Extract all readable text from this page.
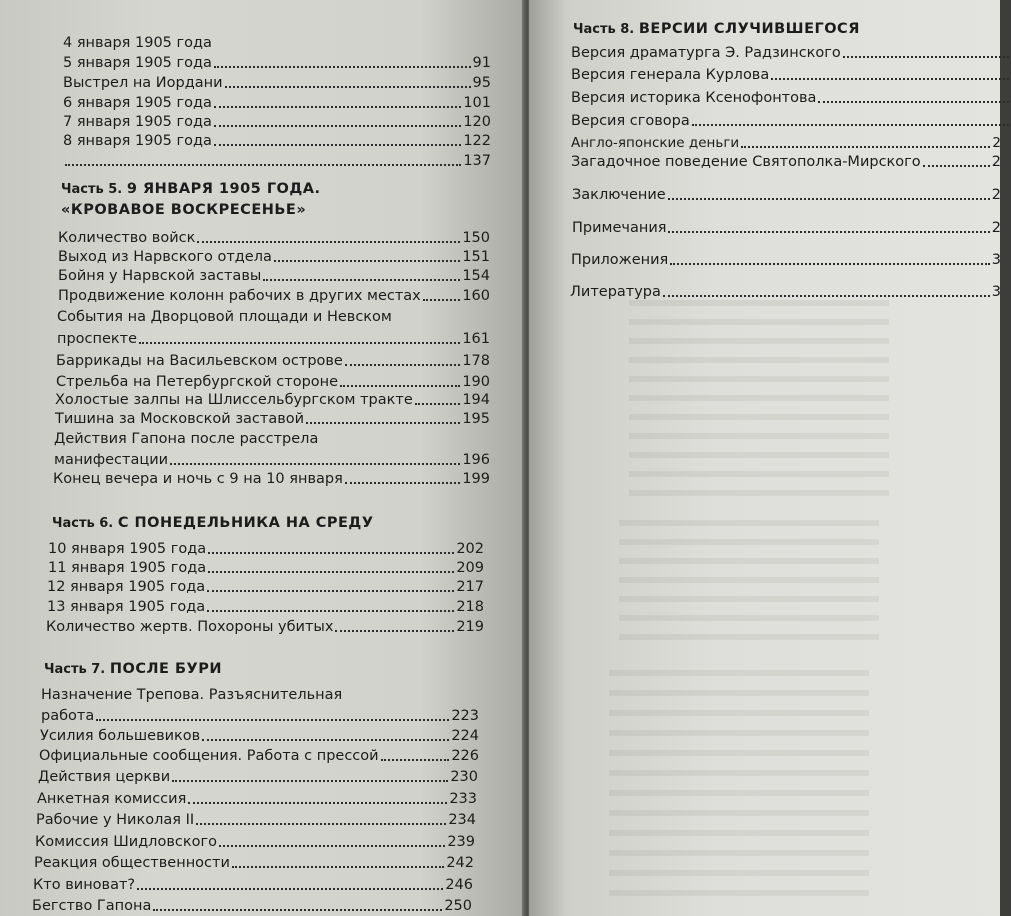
4 января 1905 года
5 января 1905 года	91
Выстрел на Иордани	95
6 января 1905 года	101
7 января 1905 года	120
8 января 1905 года	122
137
Часть 5. 9 ЯНВАРЯ 1905 ГОДА.
«КРОВАВОЕ ВОСКРЕСЕНЬЕ»
Количество войск	150
Выход из Нарвского отдела	151
Бойня у Нарвской заставы	154
Продвижение колонн рабочих в других местах	160
События на Дворцовой площади и Невском
проспекте	161
Баррикады на Васильевском острове	178
Стрельба на Петербургской стороне	190
Холостые залпы на Шлиссельбургском тракте	194
Тишина за Московской заставой	195
Действия Гапона после расстрела
манифестации	196
Конец вечера и ночь с 9 на 10 января	199
Часть 6. С ПОНЕДЕЛЬНИКА НА СРЕДУ
10 января 1905 года	202
11 января 1905 года	209
12 января 1905 года	217
13 января 1905 года	218
Количество жертв. Похороны убитых	219
Часть 7. ПОСЛЕ БУРИ
Назначение Трепова. Разъяснительная
работа	223
Усилия большевиков	224
Официальные сообщения. Работа с прессой	226
Действия церкви	230
Анкетная комиссия	233
Рабочие у Николая II	234
Комиссия Шидловского	239
Реакция общественности	242
Кто виноват?	246
Бегство Гапона	250
Часть 8. ВЕРСИИ СЛУЧИВШЕГОСЯ
Версия драматурга Э. Радзинского
Версия генерала Курлова
Версия историка Ксенофонтова
Версия сговора
Англо-японские деньги	2
Загадочное поведение Святополка-Мирского	2
Заключение	2
Примечания	2
Приложения	3
Литература	3
